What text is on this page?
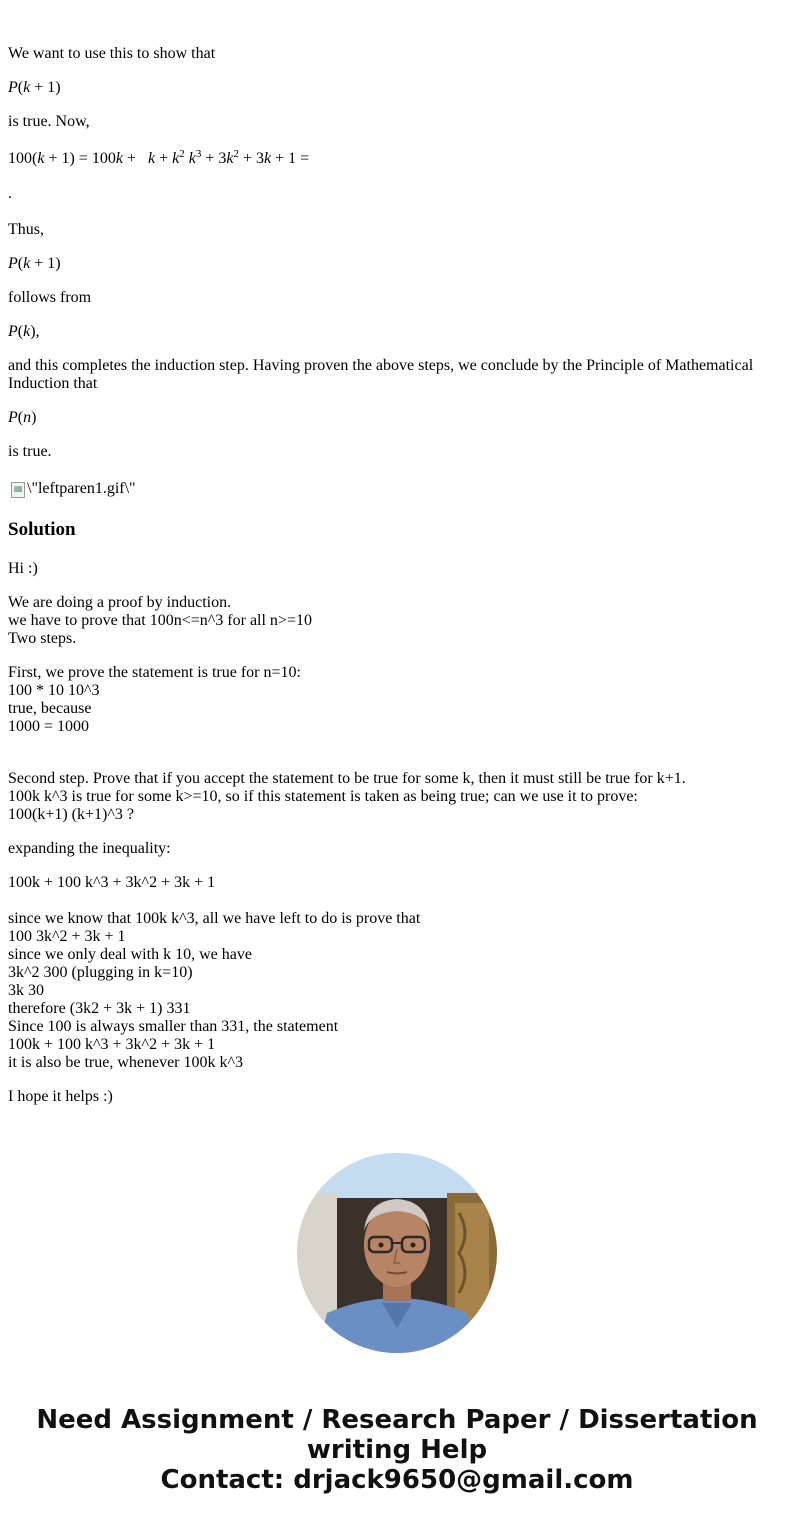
We want to use this to show that

P(k + 1)

is true. Now,

$100(k + 1) = 100k + k + k^2$ $k^3 + 3k^2 + 3k + 1$ =

.

Thus,

P(k + 1)

follows from

P(k),

and this completes the induction step. Having proven the above steps, we conclude by the Principle of Mathematical Induction that

P(n)

is true.

\"leftparen1.gif\"

Solution

Hi :)

We are doing a proof by induction.
we have to prove that 100n<=n^3 for all n>=10
Two steps.
First, we prove the statement is true for n=10:
100 * 10 10^3
true, because
1000 = 1000
Second step. Prove that if you accept the statement to be true for some k, then it must still be true for k+1.
100k k^3 is true for some k>=10, so if this statement is taken as being true; can we use it to prove:
100(k+1) (k+1)^3 ?

expanding the inequality:

100k + 100 k^3 + 3k^2 + 3k + 1

since we know that 100k k^3, all we have left to do is prove that
100 3k^2 + 3k + 1
since we only deal with k 10, we have
3k^2 300 (plugging in k=10)
3k 30
therefore (3k2 + 3k + 1) 331
Since 100 is always smaller than 331, the statement
100k + 100 k^3 + 3k^2 + 3k + 1
it is also be true, whenever 100k k^3

I hope it helps :)

Need Assignment / Research Paper / Dissertation writing Help
Contact: drjack9650@gmail.com
